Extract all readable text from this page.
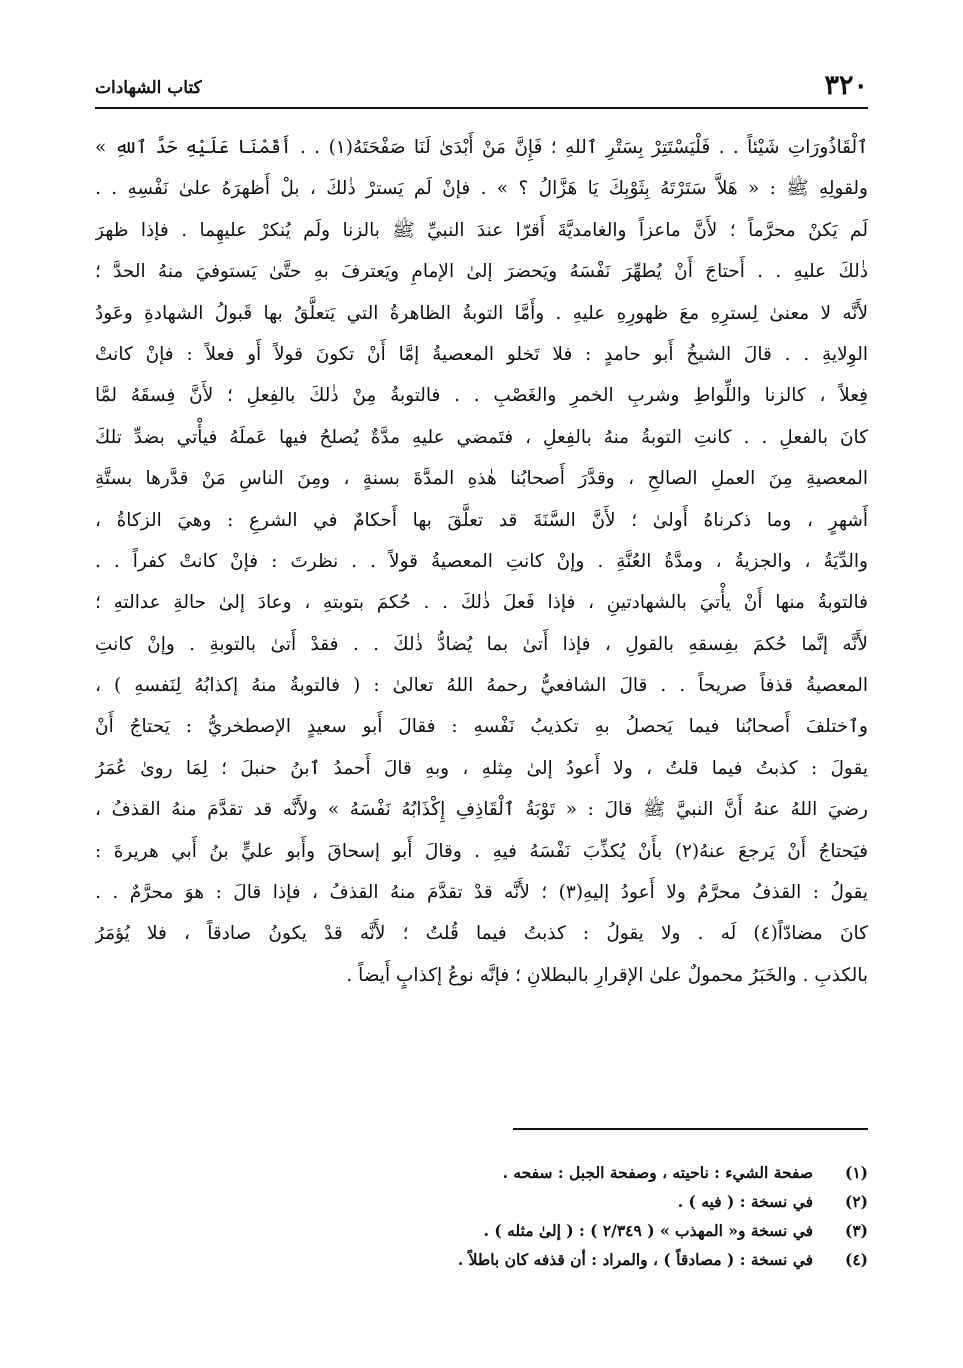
٣٢٠
كتاب الشهادات
ٱلْقَاذُورَاتِ شَيْئاً . . فَلْيَسْتَتِرْ بِسَتْرِ ٱللهِ ؛ فَإِنَّ مَنْ أَبْدَىٰ لَنَا صَفْحَتَهُ(١) . . أَقَمْنَا عَلَيْهِ حَدَّ ٱللهِ »
ولقولِهِ ﷺ : « هَلاَّ سَتَرْتَهُ بِثَوْبِكَ يَا هَزَّالُ ؟ » . فإنْ لَم يَسترْ ذٰلكَ ، بلْ أَظهرَهُ علىٰ نَفْسِهِ . .
لَم يَكنْ محرَّماً ؛ لأَنَّ ماعزاً والغامديَّةَ أَقرّا عندَ النبيِّ ﷺ بالزنا ولَم يُنكرْ عليهِما . فإذا ظهرَ
ذٰلكَ عليهِ . . أَحتاجَ أَنْ يُطهِّرَ نَفْسَهُ ويَحضرَ إلىٰ الإمامِ ويَعترفَ بهِ حتَّىٰ يَستوفيَ منهُ الحدَّ ؛
لأَنَّه لا معنىٰ لِسترِهِ معَ ظهورِهِ عليهِ . وأَمَّا التوبةُ الظاهرةُ التي يَتعلَّقُ بها قَبولُ الشهادةِ وعَودُ
الوِلايةِ . . قالَ الشيخُ أَبو حامدٍ : فلا تَخلو المعصيةُ إمَّا أَنْ تكونَ قولاً أَو فعلاً : فإنْ كانتْ
فِعلاً ، كالزنا واللِّواطِ وشربِ الخمرِ والغَصْبِ . . فالتوبةُ مِنْ ذٰلكَ بالفِعلِ ؛ لأَنَّ فِسقَهُ لمَّا
كانَ بالفعلِ . . كانتِ التوبةُ منهُ بالفِعلِ ، فتَمضي عليهِ مدَّةٌ يُصلحُ فيها عَملَهُ فيأْتي بضدِّ تلكَ
المعصيةِ مِنَ العملِ الصالحِ ، وقدَّرَ أَصحابُنا هٰذهِ المدَّةَ بسنةٍ ، ومِنَ الناسِ مَنْ قدَّرها بستَّةِ
أَشهرٍ ، وما ذكرناهُ أَولىٰ ؛ لأَنَّ السَّنَةَ قد تعلَّقَ بها أَحكامٌ في الشرعِ : وهيَ الزكاةُ ،
والدِّيَةُ ، والجزيةُ ، ومدَّةُ العُنَّةِ . وإنْ كانتِ المعصيةُ قولاً . . نظرتَ : فإنْ كانتْ كفراً . .
فالتوبةُ منها أَنْ يأْتيَ بالشهادتينِ ، فإذا فَعلَ ذٰلكَ . . حُكمَ بتوبتهِ ، وعادَ إلىٰ حالةِ عدالتهِ ؛
لأَنَّه إنَّما حُكمَ بفِسقهِ بالقولِ ، فإذا أَتىٰ بما يُضادُّ ذٰلكَ . . فقدْ أَتىٰ بالتوبةِ . وإنْ كانتِ
المعصيةُ قذفاً صريحاً . . قالَ الشافعيُّ رحمهُ اللهُ تعالىٰ : ( فالتوبةُ منهُ إكذابُهُ لِنَفسهِ ) ،
وٱختلفَ أَصحابُنا فيما يَحصلُ بهِ تكذيبُ نَفْسهِ : فقالَ أَبو سعيدٍ الإصطخريُّ : يَحتاجُ أَنْ
يقولَ : كذبتُ فيما قلتُ ، ولا أَعودُ إلىٰ مِثلهِ ، وبهِ قالَ أَحمدُ ٱبنُ حنبلَ ؛ لِمَا روىٰ عُمَرُ
رضيَ اللهُ عنهُ أَنَّ النبيَّ ﷺ قالَ : « تَوْبَةُ ٱلْقَاذِفِ إِكْذَابُهُ نَفْسَهُ » ولأَنَّه قد تقدَّمَ منهُ القذفُ ،
فيَحتاجُ أَنْ يَرجعَ عنهُ(٢) بأَنْ يُكذِّبَ نَفْسَهُ فيهِ . وقالَ أَبو إسحاقَ وأَبو عليٍّ بنُ أَبي هريرةَ :
يقولُ : القذفُ محرَّمٌ ولا أَعودُ إليهِ(٣) ؛ لأَنَّه قدْ تقدَّمَ منهُ القذفُ ، فإذا قالَ : هوَ محرَّمٌ . .
كانَ مضادّاً(٤) لَه . ولا يقولُ : كذبتُ فيما قُلتُ ؛ لأَنَّه قدْ يكونُ صادقاً ، فلا يُؤمَرُ
بالكذبِ . والخَبَرُ محمولٌ علىٰ الإقرارِ بالبطلانِ ؛ فإنَّه نوعُ إكذابٍ أَيضاً .
(١) صفحة الشيء : ناحيته ، وصفحة الجبل : سفحه .
(٢) في نسخة : ( فيه ) .
(٣) في نسخة و« المهذب » ( ٢/٣٤٩ ) : ( إلىٰ مثله ) .
(٤) في نسخة : ( مصادقاً ) ، والمراد : أن قذفه كان باطلاً .
